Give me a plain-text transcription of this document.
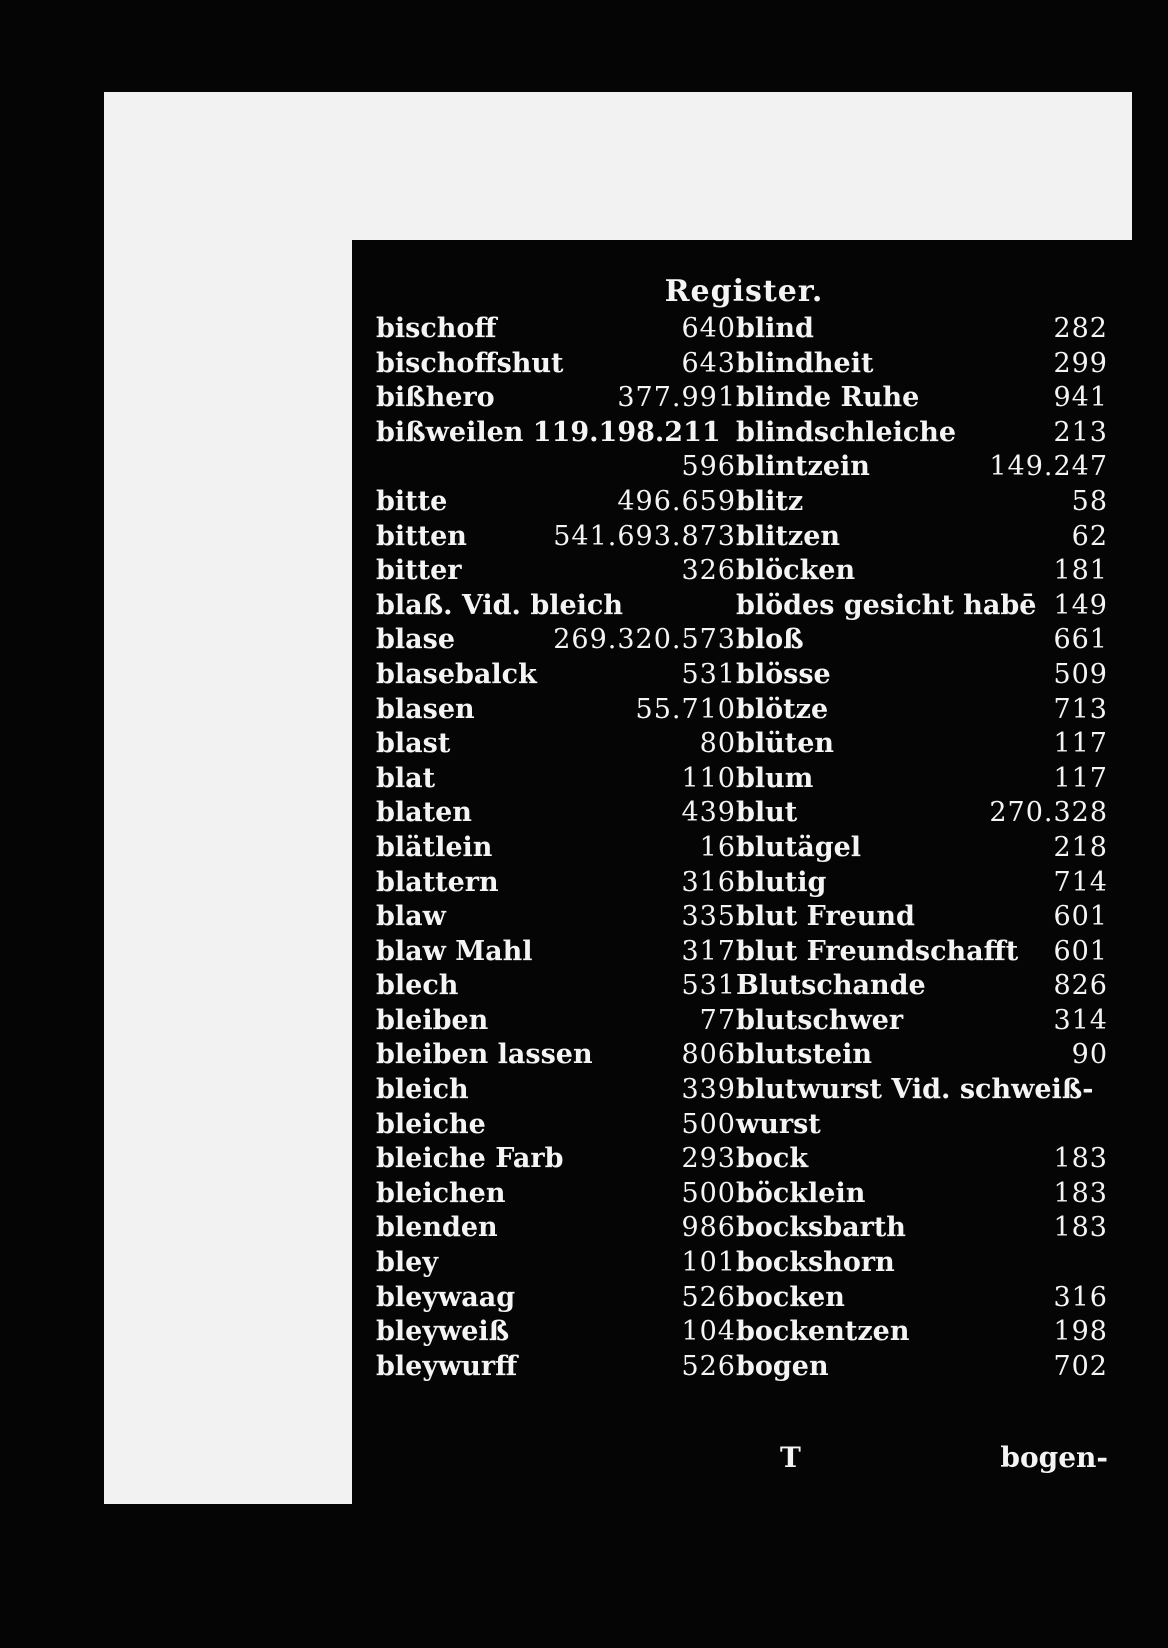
Register.
bischoff	640
bischoffshut	643
bißhero	377.991
bißweilen 119.198.211
596
bitte	496.659
bitten	541.693.873
bitter	326
blaß. Vid. bleich
blase	269.320.573
blasebalck	531
blasen	55.710
blast	80
blat	110
blaten	439
blätlein	16
blattern	316
blaw	335
blaw Mahl	317
blech	531
bleiben	77
bleiben lassen	806
bleich	339
bleiche	500
bleiche Farb	293
bleichen	500
blenden	986
bley	101
bleywaag	526
bleyweiß	104
bleywurff	526
blind	282
blindheit	299
blinde Ruhe	941
blindschleiche	213
blintzein	149.247
blitz	58
blitzen	62
blöcken	181
blödes gesicht habē 149
bloß	661
blösse	509
blötze	713
blüten	117
blum	117
blut	270.328
blutägel	218
blutig	714
blut Freund	601
blut Freundschafft 601
Blutschande	826
blutschwer	314
blutstein	90
blutwurst Vid. schweiß-
wurst
bock	183
böcklein	183
bocksbarth	183
bockshorn
bocken	316
bockentzen	198
bogen	702
T	bogen-
